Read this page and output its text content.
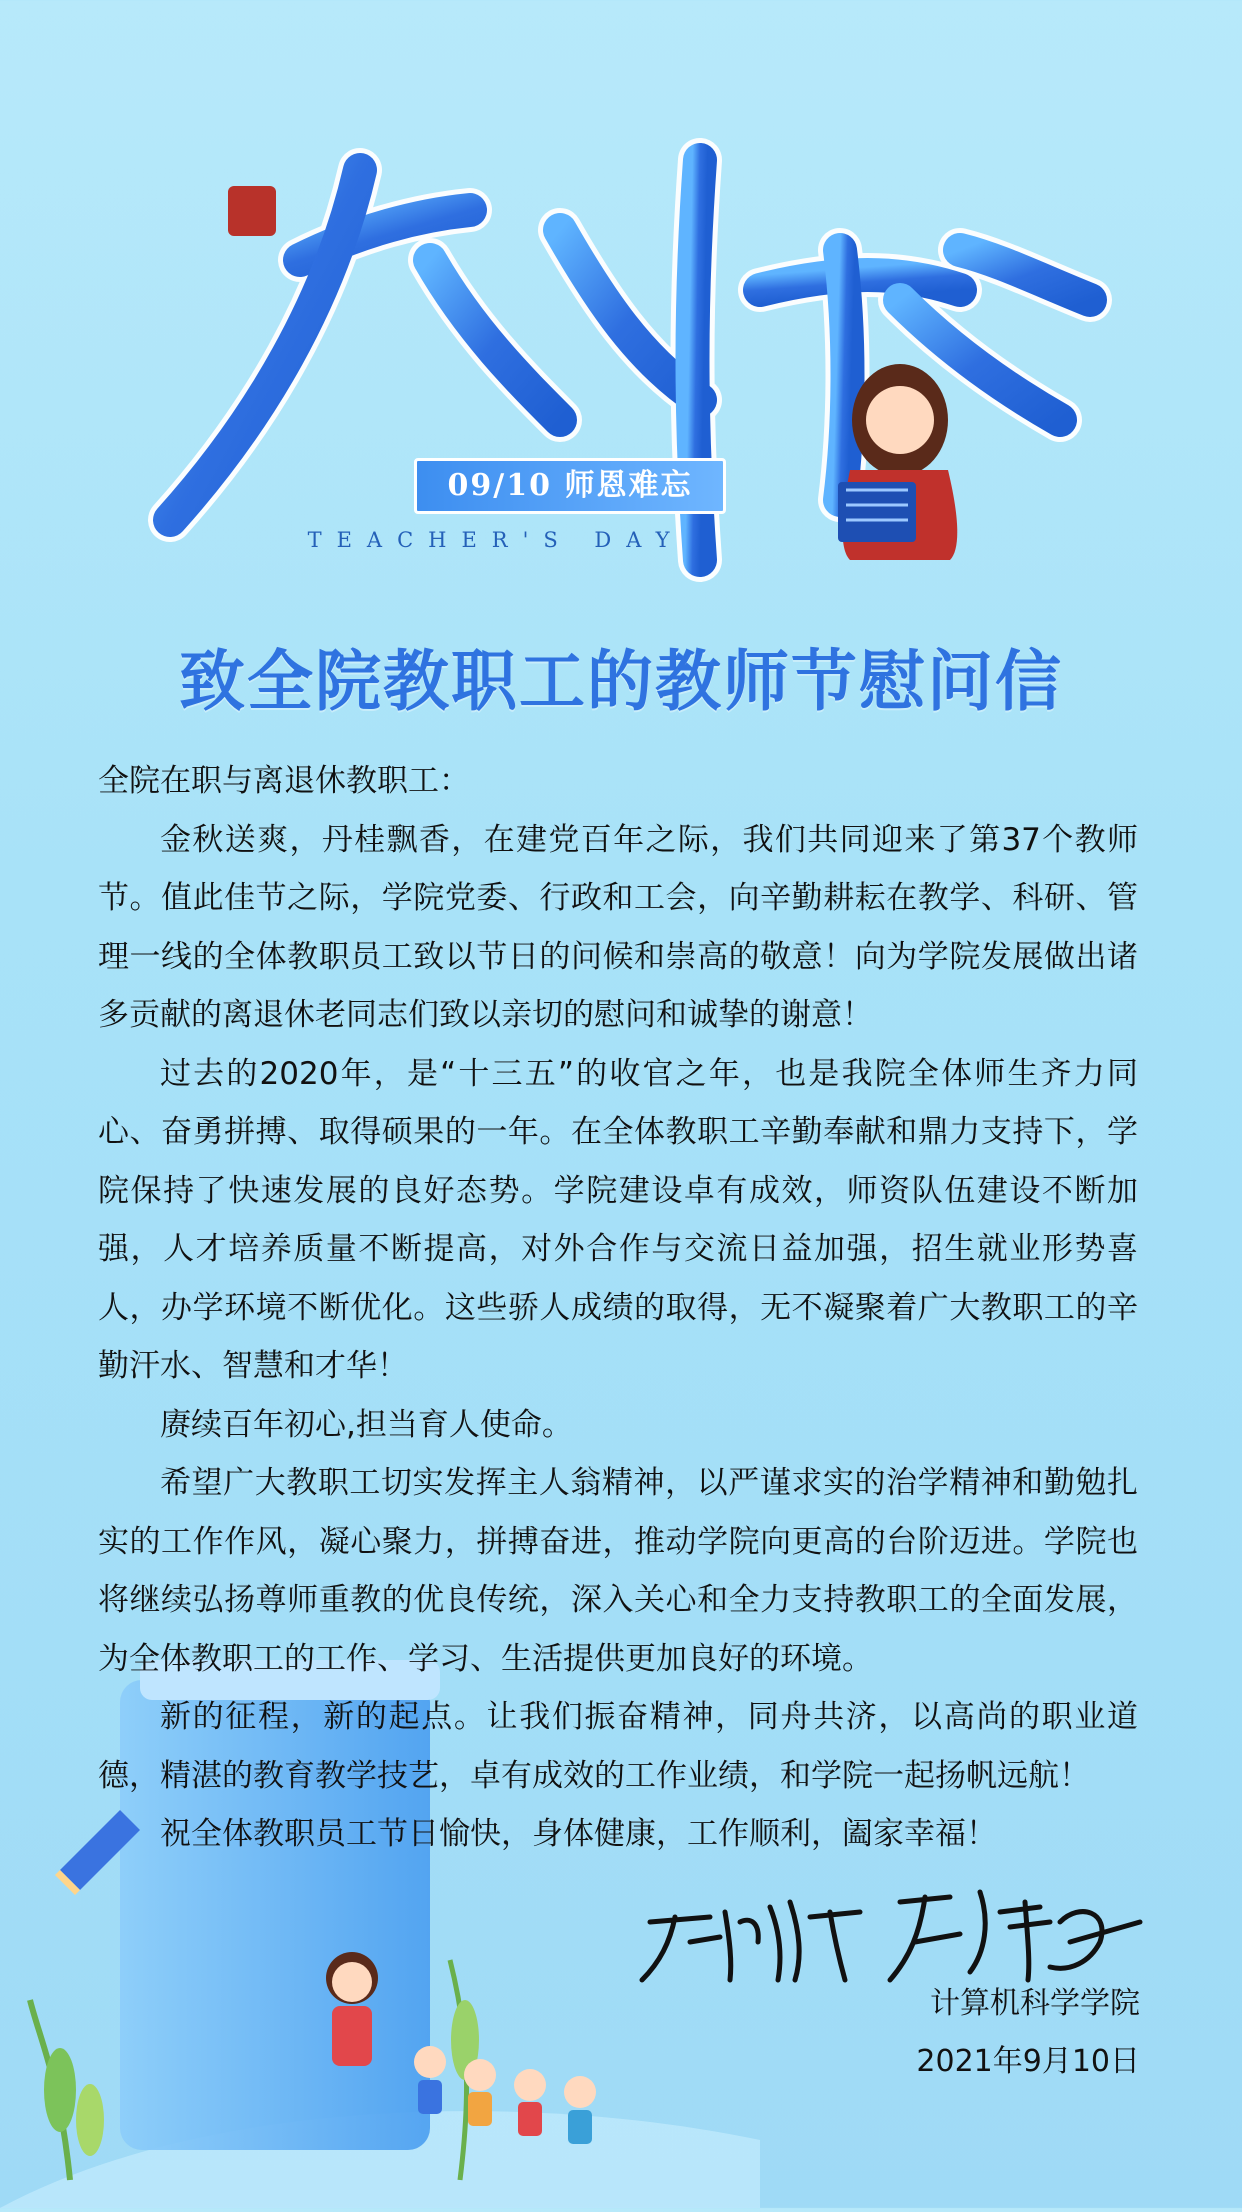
09/10 师恩难忘
TEACHER'S DAY
致全院教职工的教师节慰问信

全院在职与离退休教职工：

金秋送爽，丹桂飘香，在建党百年之际，我们共同迎来了第37个教师节。值此佳节之际，学院党委、行政和工会，向辛勤耕耘在教学、科研、管理一线的全体教职员工致以节日的问候和崇高的敬意！向为学院发展做出诸多贡献的离退休老同志们致以亲切的慰问和诚挚的谢意！

过去的2020年，是“十三五”的收官之年，也是我院全体师生齐力同心、奋勇拼搏、取得硕果的一年。在全体教职工辛勤奉献和鼎力支持下，学院保持了快速发展的良好态势。学院建设卓有成效，师资队伍建设不断加强，人才培养质量不断提高，对外合作与交流日益加强，招生就业形势喜人，办学环境不断优化。这些骄人成绩的取得，无不凝聚着广大教职工的辛勤汗水、智慧和才华！

赓续百年初心,担当育人使命。

希望广大教职工切实发挥主人翁精神，以严谨求实的治学精神和勤勉扎实的工作作风，凝心聚力，拼搏奋进，推动学院向更高的台阶迈进。学院也将继续弘扬尊师重教的优良传统，深入关心和全力支持教职工的全面发展，为全体教职工的工作、学习、生活提供更加良好的环境。

新的征程，新的起点。让我们振奋精神，同舟共济，以高尚的职业道德，精湛的教育教学技艺，卓有成效的工作业绩，和学院一起扬帆远航！

祝全体教职员工节日愉快，身体健康，工作顺利，阖家幸福！

计算机科学学院
2021年9月10日
